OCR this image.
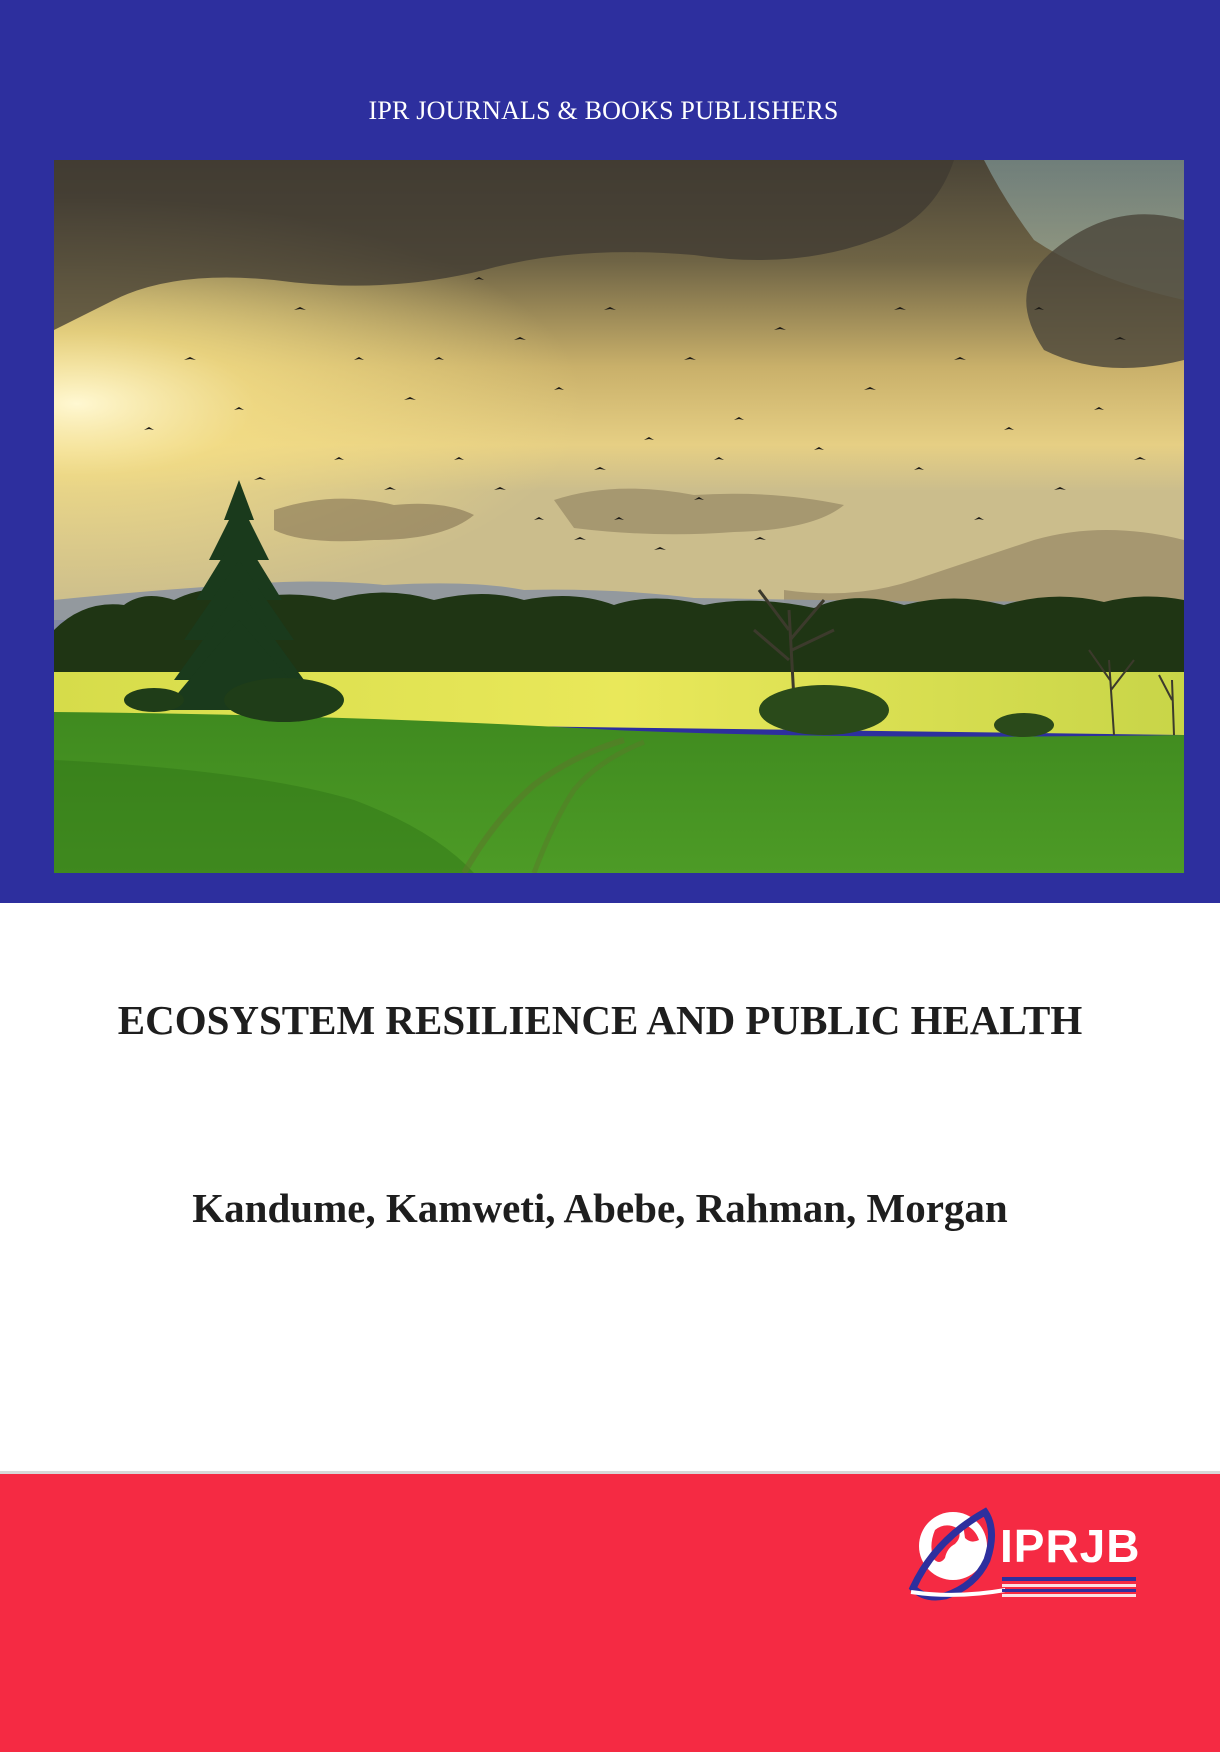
IPR JOURNALS & BOOKS PUBLISHERS
ECOSYSTEM RESILIENCE AND PUBLIC HEALTH
Kandume, Kamweti, Abebe, Rahman, Morgan
IPRJB
